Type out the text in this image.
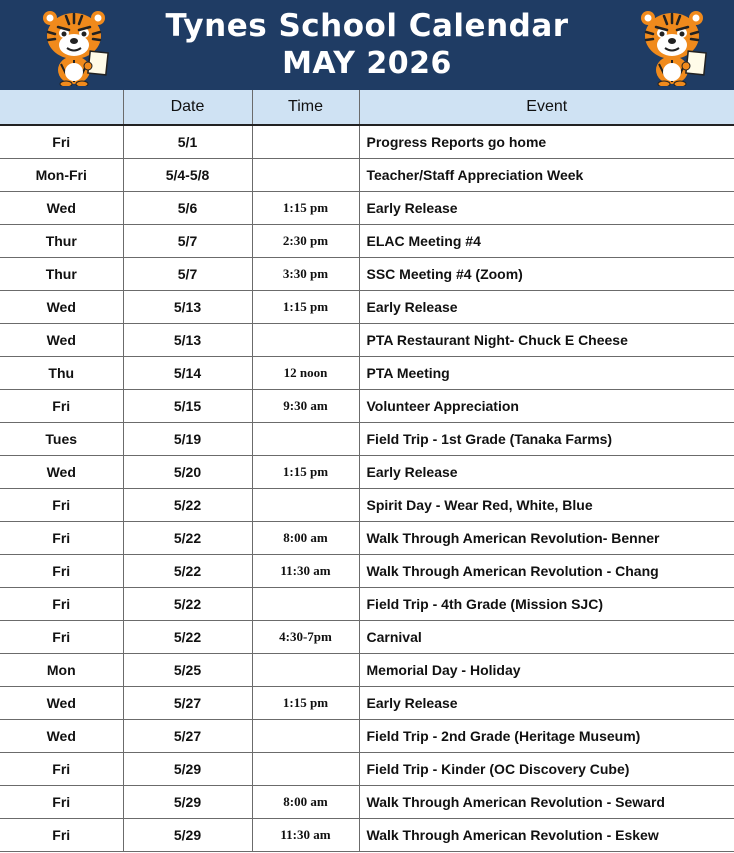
Tynes School Calendar
MAY 2026
	Date	Time	Event
Fri	5/1		Progress Reports go home
Mon-Fri	5/4-5/8		Teacher/Staff Appreciation Week
Wed	5/6	1:15 pm	Early Release
Thur	5/7	2:30 pm	ELAC Meeting #4
Thur	5/7	3:30 pm	SSC Meeting #4 (Zoom)
Wed	5/13	1:15 pm	Early Release
Wed	5/13		PTA Restaurant Night- Chuck E Cheese
Thu	5/14	12 noon	PTA Meeting
Fri	5/15	9:30 am	Volunteer Appreciation
Tues	5/19		Field Trip - 1st Grade (Tanaka Farms)
Wed	5/20	1:15 pm	Early Release
Fri	5/22		Spirit Day - Wear Red, White, Blue
Fri	5/22	8:00 am	Walk Through American Revolution- Benner
Fri	5/22	11:30 am	Walk Through American Revolution - Chang
Fri	5/22		Field Trip - 4th Grade (Mission SJC)
Fri	5/22	4:30-7pm	Carnival
Mon	5/25		Memorial Day - Holiday
Wed	5/27	1:15 pm	Early Release
Wed	5/27		Field Trip - 2nd Grade (Heritage Museum)
Fri	5/29		Field Trip - Kinder (OC Discovery Cube)
Fri	5/29	8:00 am	Walk Through American Revolution - Seward
Fri	5/29	11:30 am	Walk Through American Revolution - Eskew
